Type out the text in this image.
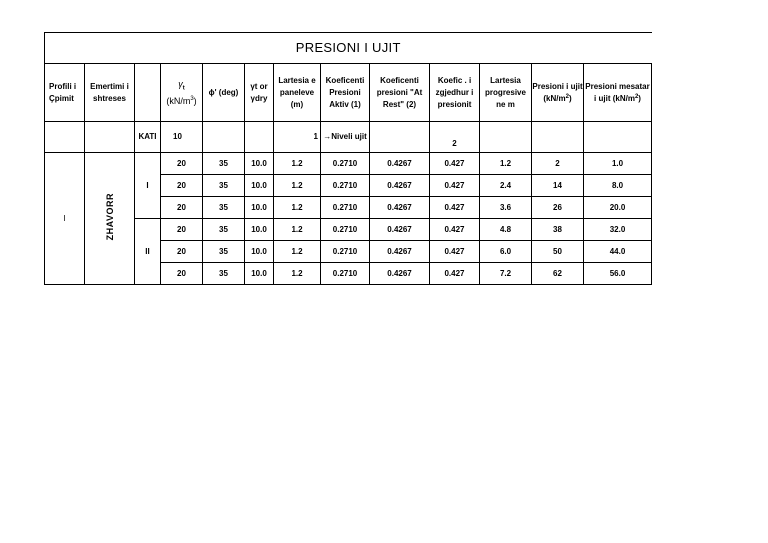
PRESIONI I UJIT												
Profili i Çpimit	Emertimi i shtreses		$\gamma_t$
$(kN/m^3)$	ϕ' (deg)	γt or γdry	Lartesia e paneleve (m)	Koeficenti Presioni Aktiv (1)	Koeficenti presioni "At Rest" (2)	Koefic . i zgjedhur i presionit	Lartesia progresive ne m	Presioni i ujit $(kN/m^2)$	Presioni mesatar i ujit $(kN/m^2)$
		KATI	10			1	→Niveli ujit		2			
I	ZHAVORR	I	20	35	10.0	1.2	0.2710	0.4267	0.427	1.2	2	1.0
			20	35	10.0	1.2	0.2710	0.4267	0.427	2.4	14	8.0
			20	35	10.0	1.2	0.2710	0.4267	0.427	3.6	26	20.0
		II	20	35	10.0	1.2	0.2710	0.4267	0.427	4.8	38	32.0
			20	35	10.0	1.2	0.2710	0.4267	0.427	6.0	50	44.0
			20	35	10.0	1.2	0.2710	0.4267	0.427	7.2	62	56.0
